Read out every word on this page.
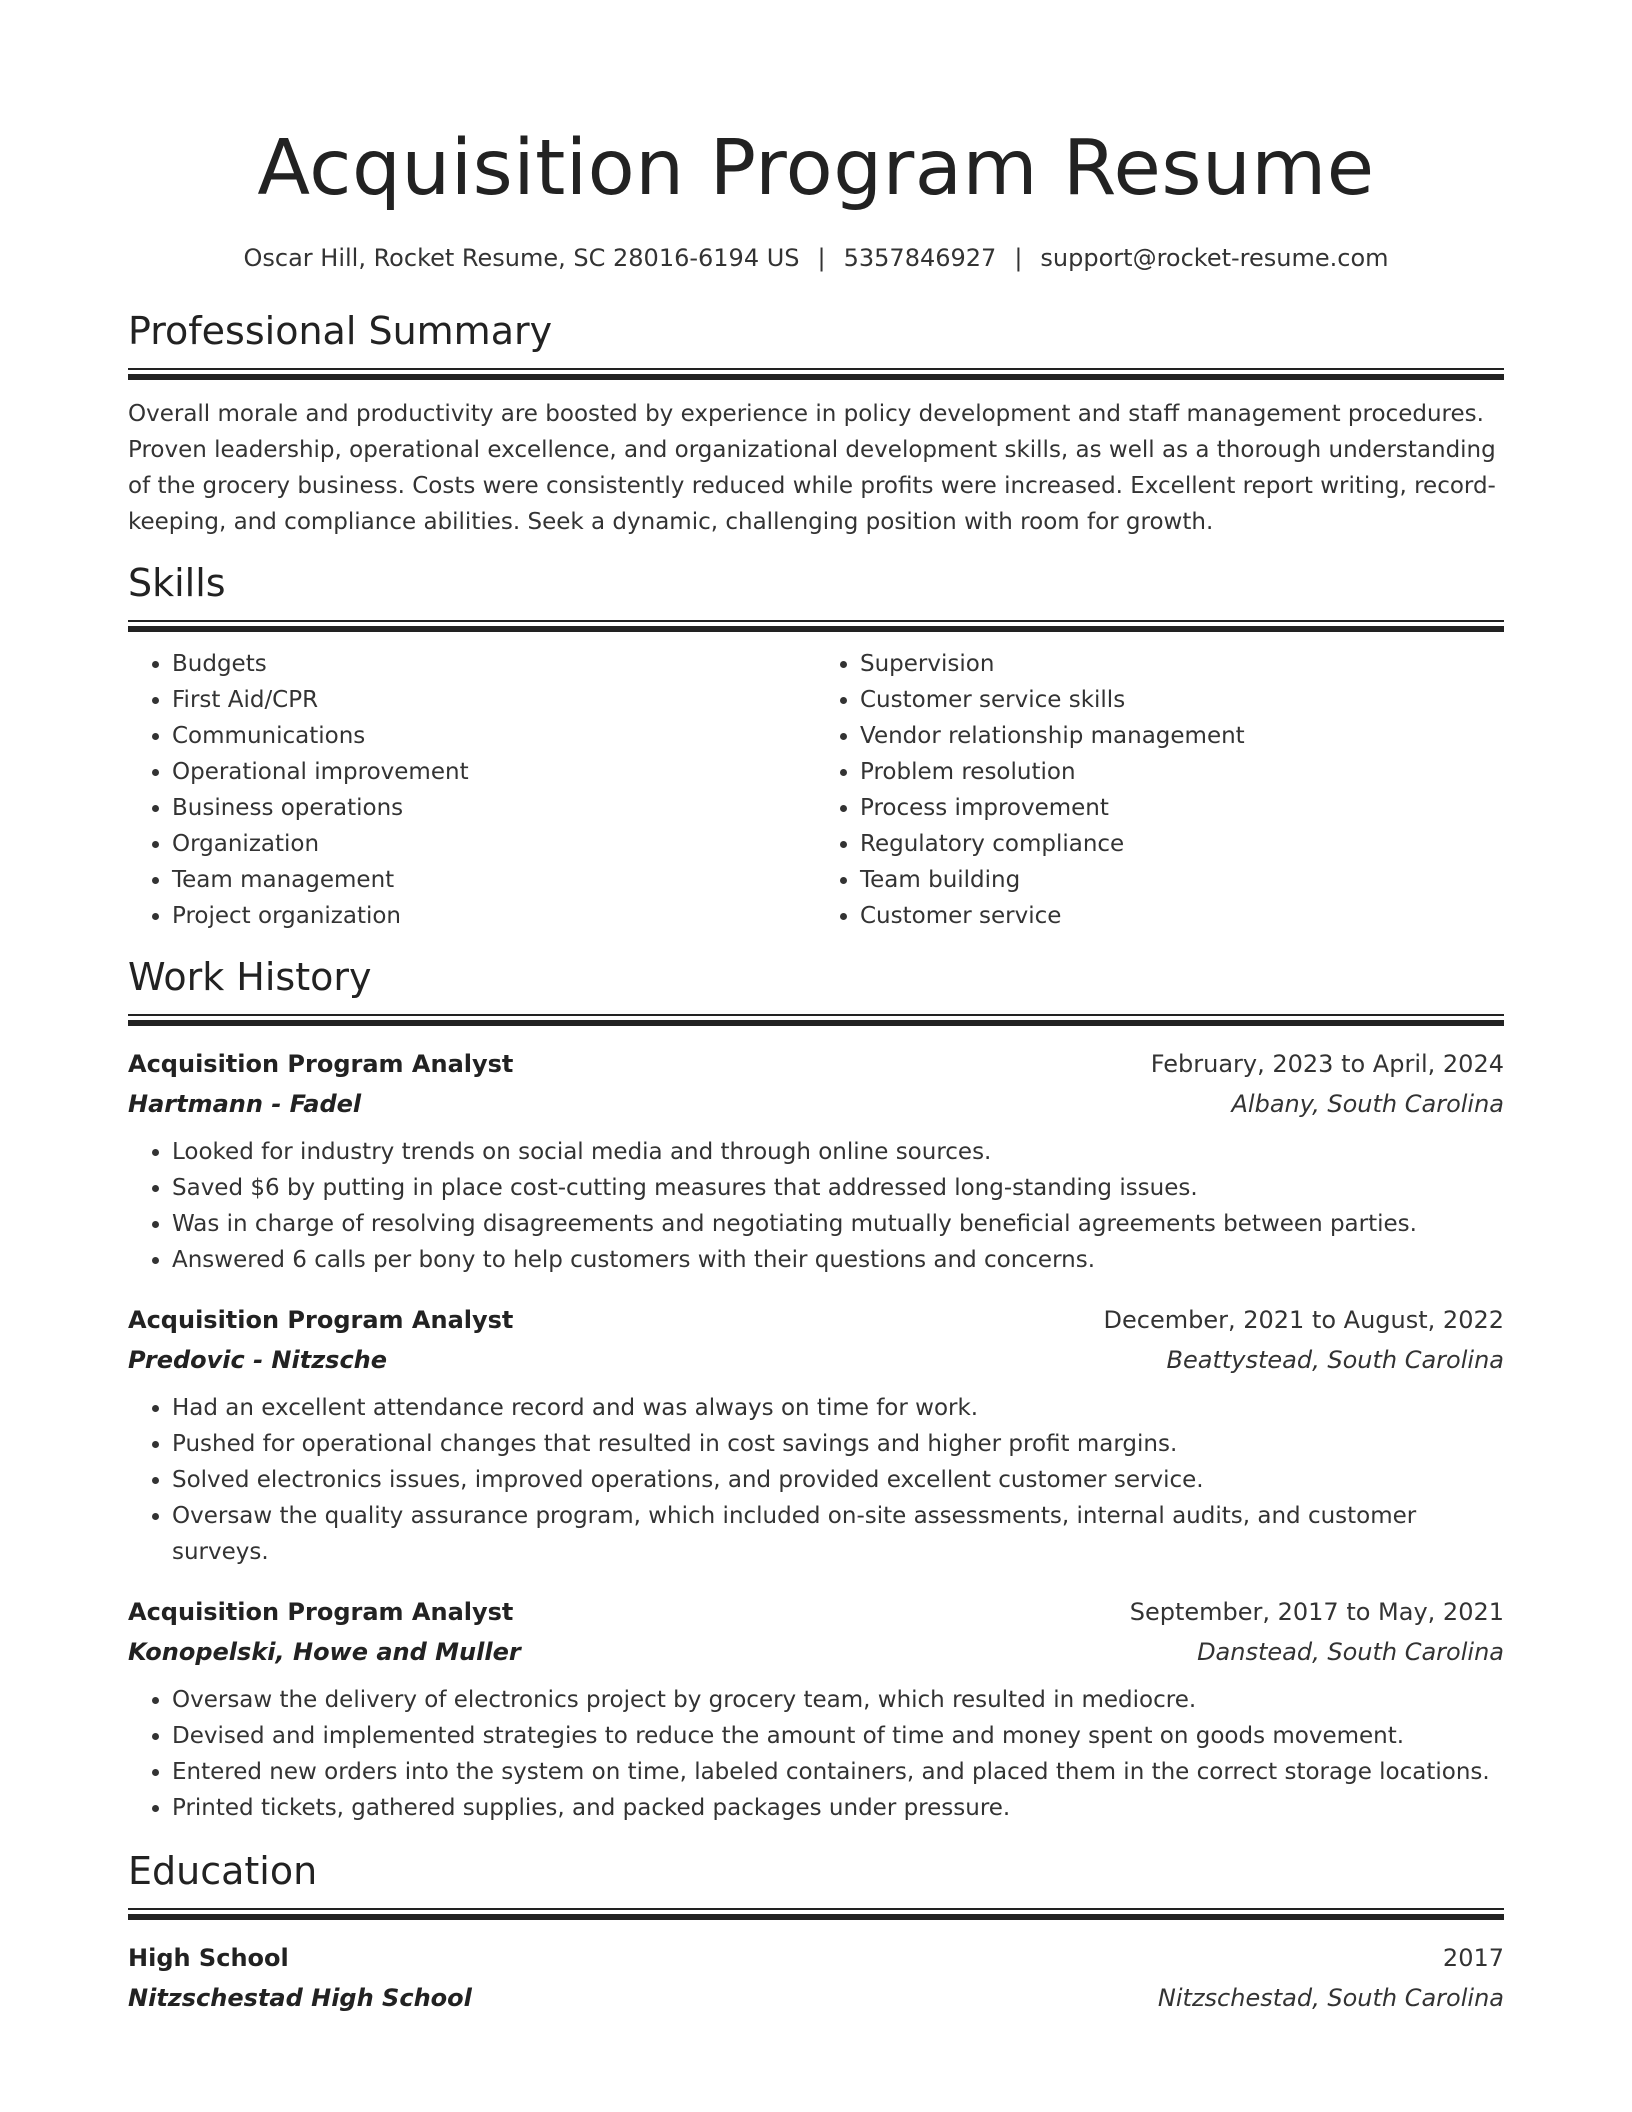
Acquisition Program Resume
Oscar Hill, Rocket Resume, SC 28016-6194 US | 5357846927 | support@rocket-resume.com
Professional Summary
Overall morale and productivity are boosted by experience in policy development and staff management procedures. Proven leadership, operational excellence, and organizational development skills, as well as a thorough understanding of the grocery business. Costs were consistently reduced while profits were increased. Excellent report writing, record-keeping, and compliance abilities. Seek a dynamic, challenging position with room for growth.
Skills
• Budgets
• First Aid/CPR
• Communications
• Operational improvement
• Business operations
• Organization
• Team management
• Project organization
• Supervision
• Customer service skills
• Vendor relationship management
• Problem resolution
• Process improvement
• Regulatory compliance
• Team building
• Customer service
Work History
Acquisition Program Analyst	February, 2023 to April, 2024
Hartmann - Fadel	Albany, South Carolina
• Looked for industry trends on social media and through online sources.
• Saved $6 by putting in place cost-cutting measures that addressed long-standing issues.
• Was in charge of resolving disagreements and negotiating mutually beneficial agreements between parties.
• Answered 6 calls per bony to help customers with their questions and concerns.
Acquisition Program Analyst	December, 2021 to August, 2022
Predovic - Nitzsche	Beattystead, South Carolina
• Had an excellent attendance record and was always on time for work.
• Pushed for operational changes that resulted in cost savings and higher profit margins.
• Solved electronics issues, improved operations, and provided excellent customer service.
• Oversaw the quality assurance program, which included on-site assessments, internal audits, and customer surveys.
Acquisition Program Analyst	September, 2017 to May, 2021
Konopelski, Howe and Muller	Danstead, South Carolina
• Oversaw the delivery of electronics project by grocery team, which resulted in mediocre.
• Devised and implemented strategies to reduce the amount of time and money spent on goods movement.
• Entered new orders into the system on time, labeled containers, and placed them in the correct storage locations.
• Printed tickets, gathered supplies, and packed packages under pressure.
Education
High School	2017
Nitzschestad High School	Nitzschestad, South Carolina
